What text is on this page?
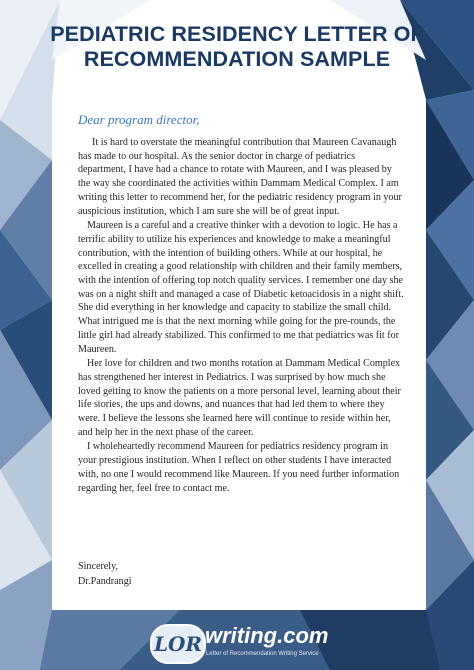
PEDIATRIC RESIDENCY LETTER OF
RECOMMENDATION SAMPLE
Dear program director,

It is hard to overstate the meaningful contribution that Maureen Cavanaugh has made to our hospital. As the senior doctor in charge of pediatrics department, I have had a chance to rotate with Maureen, and I was pleased by the way she coordinated the activities within Dammam Medical Complex. I am writing this letter to recommend her, for the pediatric residency program in your auspicious institution, which I am sure she will be of great input.

Maureen is a careful and a creative thinker with a devotion to logic. He has a terrific ability to utilize his experiences and knowledge to make a meaningful contribution, with the intention of building others. While at our hospital, he excelled in creating a good relationship with children and their family members, with the intention of offering top notch quality services. I remember one day she was on a night shift and managed a case of Diabetic ketoacidosis in a night shift. She did everything in her knowledge and capacity to stabilize the small child. What intrigued me is that the next morning while going for the pre-rounds, the little girl had already stabilized. This confirmed to me that pediatrics was fit for Maureen.

Her love for children and two months rotation at Dammam Medical Complex has strengthened her interest in Pediatrics. I was surprised by how much she loved getting to know the patients on a more personal level, learning about their life stories, the ups and downs, and nuances that had led them to where they were. I believe the lessons she learned here will continue to reside within her, and help her in the next phase of the career.

I wholeheartedly recommend Maureen for pediatrics residency program in your prestigious institution. When I reflect on other students I have interacted with, no one I would recommend like Maureen. If you need further information regarding her, feel free to contact me.

Sincerely,
Dr.Pandrangi
LOR writing.com
Letter of Recommendation Writing Service
